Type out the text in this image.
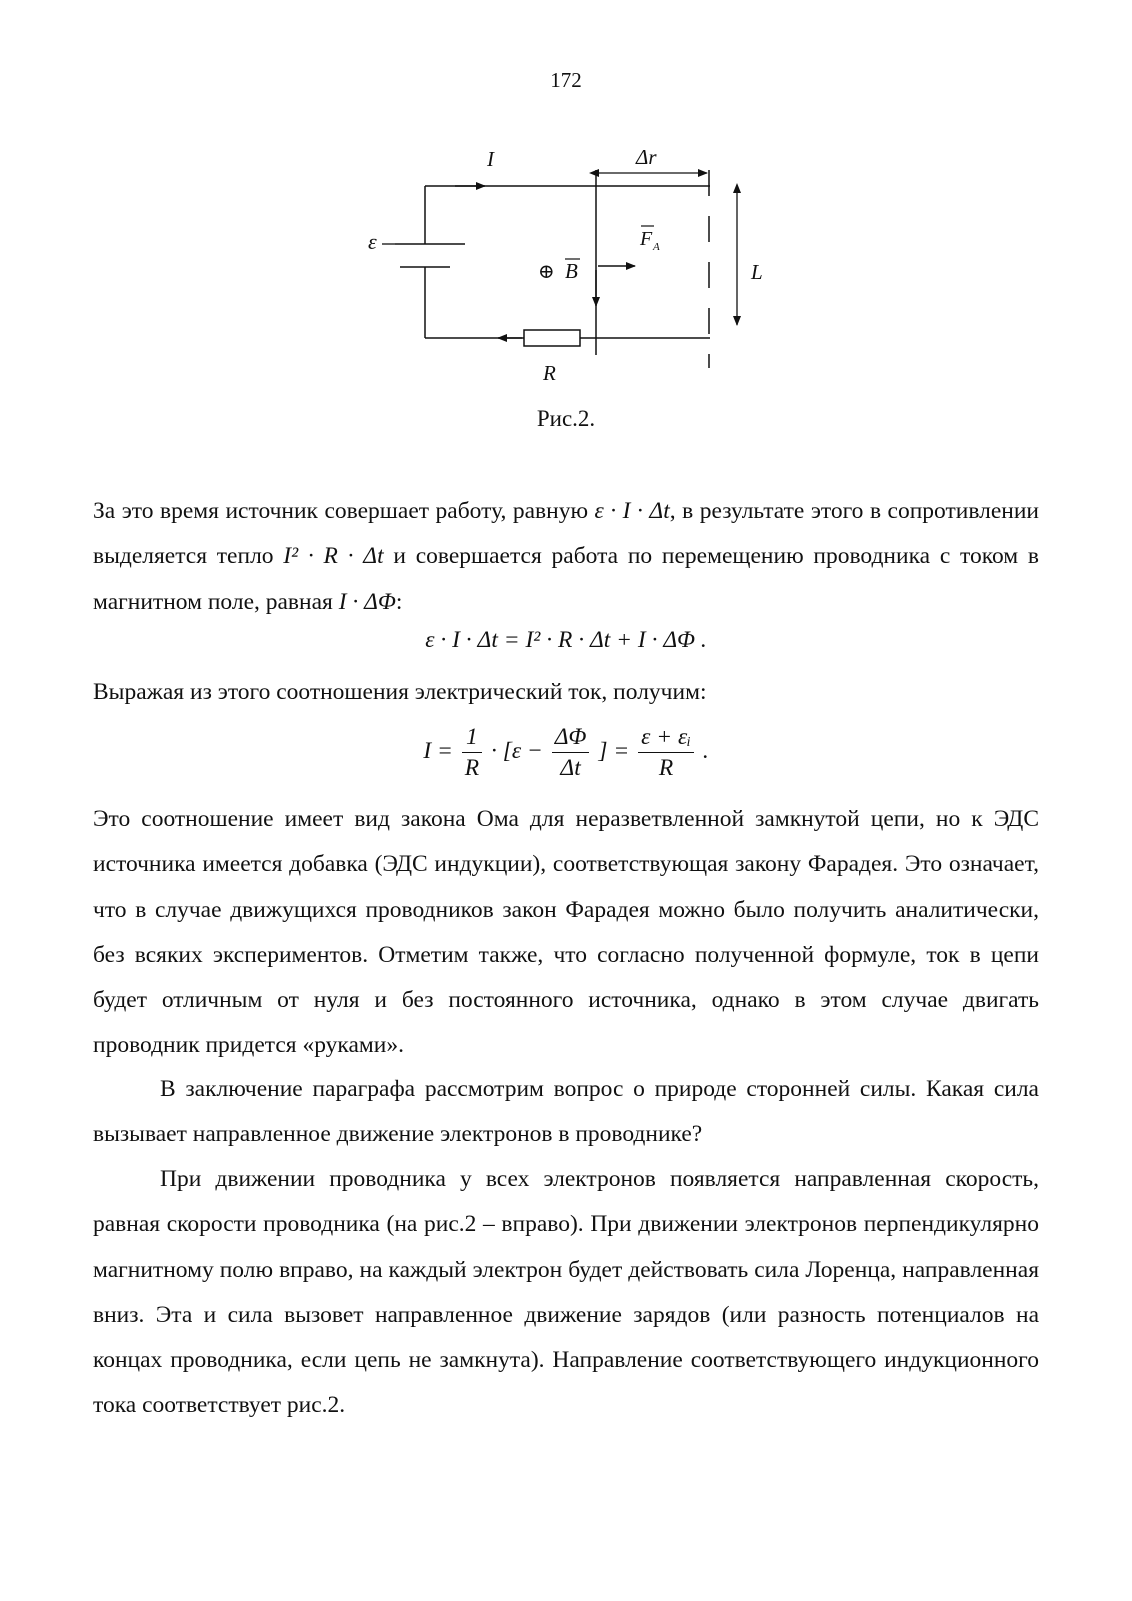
172
I	Δr
ε	F A
⊕ B	L
R
Рис.2.

За это время источник совершает работу, равную ε · I · Δt, в результате этого в сопротивлении выделяется тепло I² · R · Δt и совершается работа по перемещению проводника с током в магнитном поле, равная I · ΔΦ:

ε · I · Δt = I² · R · Δt + I · ΔΦ .

Выражая из этого соотношения электрический ток, получим:

$I = \frac{1}{R} \cdot [\varepsilon - \frac{\Delta\Phi}{\Delta t}$ ] = $\frac{\text{ε + εᵢ}}{R}$ .

Это соотношение имеет вид закона Ома для неразветвленной замкнутой цепи, но к ЭДС источника имеется добавка (ЭДС индукции), соответствующая закону Фарадея. Это означает, что в случае движущихся проводников закон Фарадея можно было получить аналитически, без всяких экспериментов. Отметим также, что согласно полученной формуле, ток в цепи будет отличным от нуля и без постоянного источника, однако в этом случае двигать проводник придется «руками».

В заключение параграфа рассмотрим вопрос о природе сторонней силы. Какая сила вызывает направленное движение электронов в проводнике?

При движении проводника у всех электронов появляется направленная скорость, равная скорости проводника (на рис.2 – вправо). При движении электронов перпендикулярно магнитному полю вправо, на каждый электрон будет действовать сила Лоренца, направленная вниз. Эта и сила вызовет направленное движение зарядов (или разность потенциалов на концах проводника, если цепь не замкнута). Направление соответствующего индукционного тока соответствует рис.2.
